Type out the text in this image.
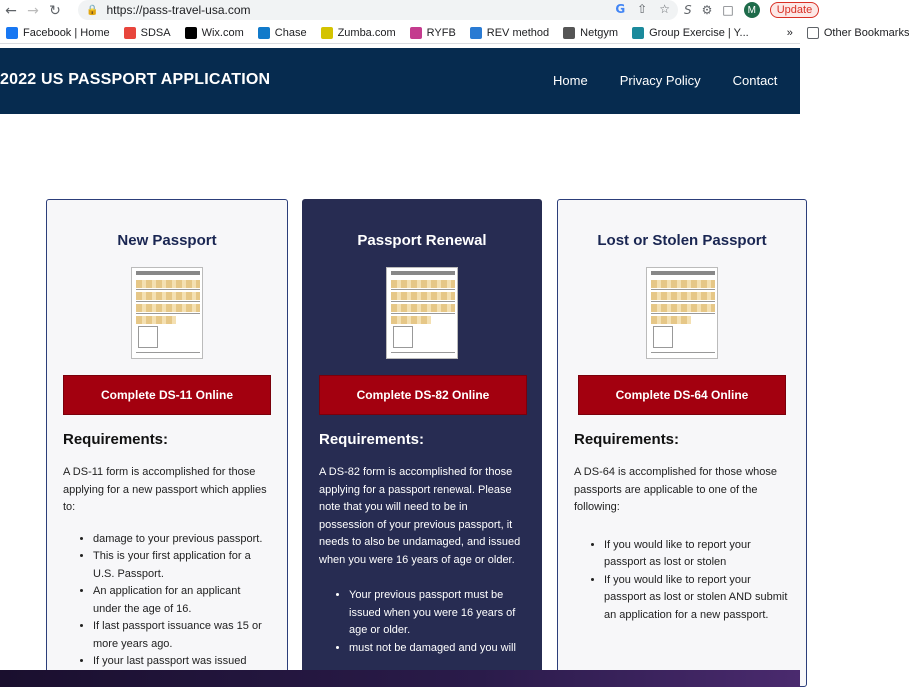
← → ↻	🔒 https://pass-travel-usa.com	G ⇧ ☆ S ⚙ □	M	Update
Facebook | Home	SDSA	Wix.com	Chase	Zumba.com	RYFB	REV method	Netgym	Group Exercise | Y...	»	Other Bookmarks
2022 US PASSPORT APPLICATION	Home Privacy Policy Contact About
New Passport
Complete DS-11 Online
Requirements:
A DS-11 form is accomplished for those applying for a new passport which applies to:
• damage to your previous passport.
• This is your first application for a U.S. Passport.
• An application for an applicant under the age of 16.
• If last passport issuance was 15 or more years ago.
• If your last passport was issued
Passport Renewal
Complete DS-82 Online
Requirements:
A DS-82 form is accomplished for those applying for a passport renewal. Please note that you will need to be in possession of your previous passport, it needs to also be undamaged, and issued when you were 16 years of age or older.
• Your previous passport must be issued when you were 16 years of age or older.
• must not be damaged and you will
Lost or Stolen Passport
Complete DS-64 Online
Requirements:
A DS-64 is accomplished for those whose passports are applicable to one of the following:
• If you would like to report your passport as lost or stolen
• If you would like to report your passport as lost or stolen AND submit an application for a new passport.
